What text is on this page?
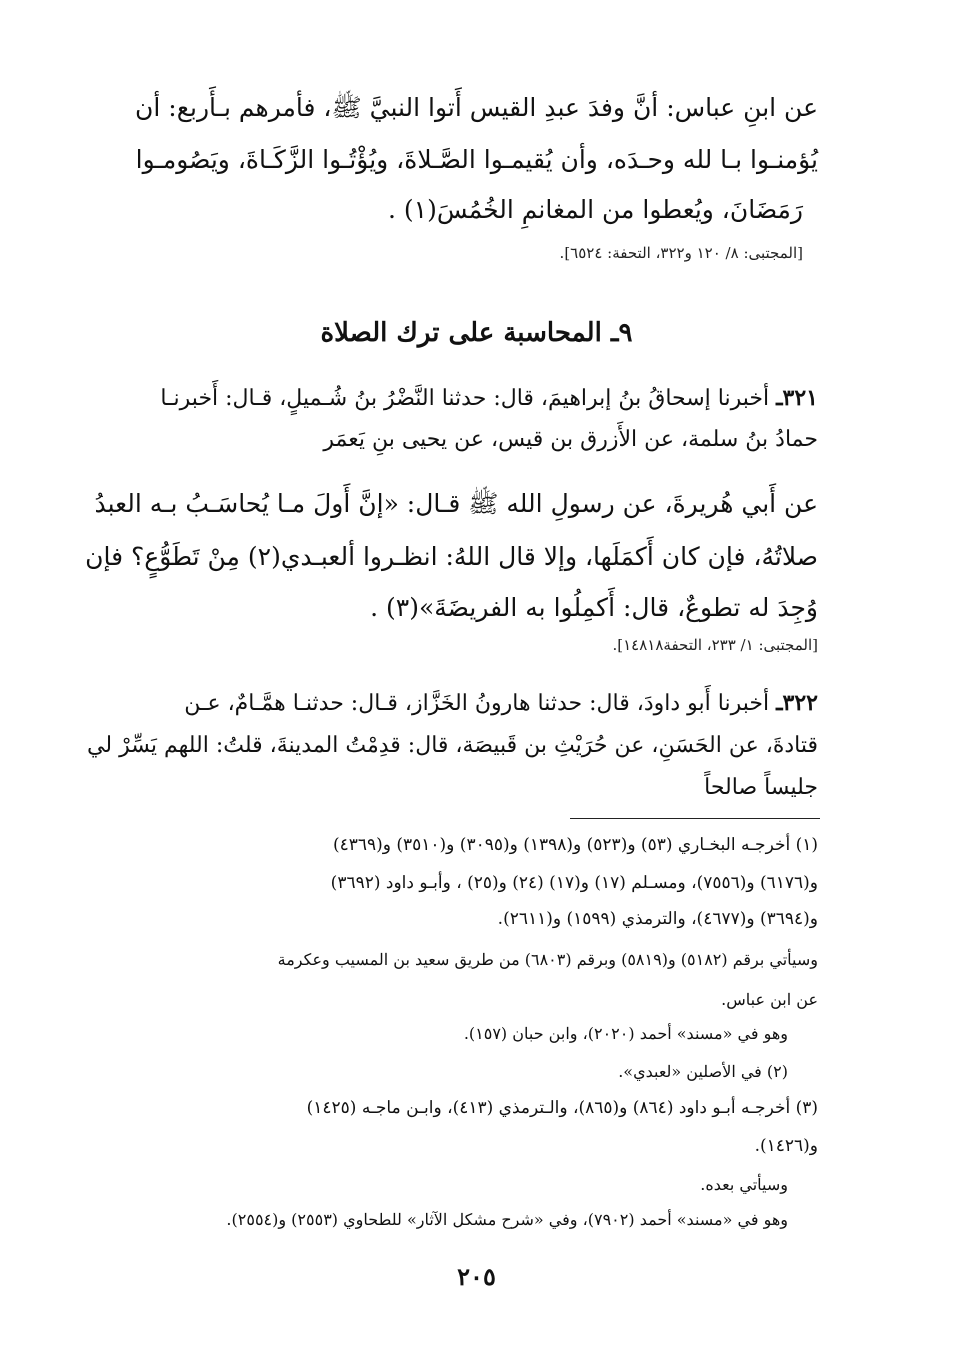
عن ابنِ عباس: أنَّ وفدَ عبدِ القيس أَتوا النبيَّ ﷺ، فأمرهم بـأَربع: أن
يُؤمنـوا بـا لله وحـدَه، وأن يُقيمـوا الصَّـلاةَ، ويُؤْتُـوا الزَّكَـاةَ، ويَصُومـوا
رَمَضَانَ، ويُعطوا من المغانمِ الخُمُسَ(١) .
[المجتبى: ٨/ ١٢٠ و٣٢٢، التحفة: ٦٥٢٤].
٩ـ المحاسبة على ترك الصلاة
٣٢١ـ أخبرنا إسحاقُ بنُ إبراهيمَ، قال: حدثنا النَّضْرُ بنُ شُـميلٍ، قـال: أَخبرنـا
حمادُ بنُ سلمة، عن الأَزرق بن قيس، عن يحيى بنِ يَعمَر
عن أَبي هُريرةَ، عن رسولِ الله ﷺ قـال: «إنَّ أَولَ مـا يُحاسَـبُ بـه العبدُ
صلاتُهُ، فإن كان أَكمَلَها، وإلا قال اللهُ: انظـروا ألعبـدي(٢) مِنْ تَطَوُّعٍ؟ فإن
وُجِدَ له تطوعٌ، قال: أَكمِلُوا به الفريضَةَ»(٣) .
[المجتبى: ١/ ٢٣٣، التحفة١٤٨١٨].
٣٢٢ـ أخبرنا أَبو داودَ، قال: حدثنا هارونُ الخَزَّاز، قـال: حدثنـا همَّـامٌ، عـن
قتادةَ، عن الحَسَنِ، عن حُرَيْثِ بن قَبيصَة، قال: قدِمْتُ المدينةَ، قلتُ: اللهم يَسِّرْ لي
جليساً صالحاً
(١) أخرجـه البخـاري (٥٣) و(٥٢٣) و(١٣٩٨) و(٣٠٩٥) و(٣٥١٠) و(٤٣٦٩)
و(٦١٧٦) و(٧٥٥٦)، ومسـلم (١٧) و(١٧) (٢٤) و(٢٥) ، وأبـو داود (٣٦٩٢)
و(٣٦٩٤) و(٤٦٧٧)، والترمذي (١٥٩٩) و(٢٦١١).
وسيأتي برقم (٥١٨٢) و(٥٨١٩) وبرقم (٦٨٠٣) من طريق سعيد بن المسيب وعكرمة
عن ابن عباس.
وهو في «مسند» أحمد (٢٠٢٠)، وابن حبان (١٥٧).
(٢) في الأصلين «لعبدي».
(٣) أخرجـه أبـو داود (٨٦٤) و(٨٦٥)، والـترمذي (٤١٣)، وابـن ماجـه (١٤٢٥)
و(١٤٢٦).
وسيأتي بعده.
وهو في «مسند» أحمد (٧٩٠٢)، وفي «شرح مشكل الآثار» للطحاوي (٢٥٥٣) و(٢٥٥٤).
٢٠٥
